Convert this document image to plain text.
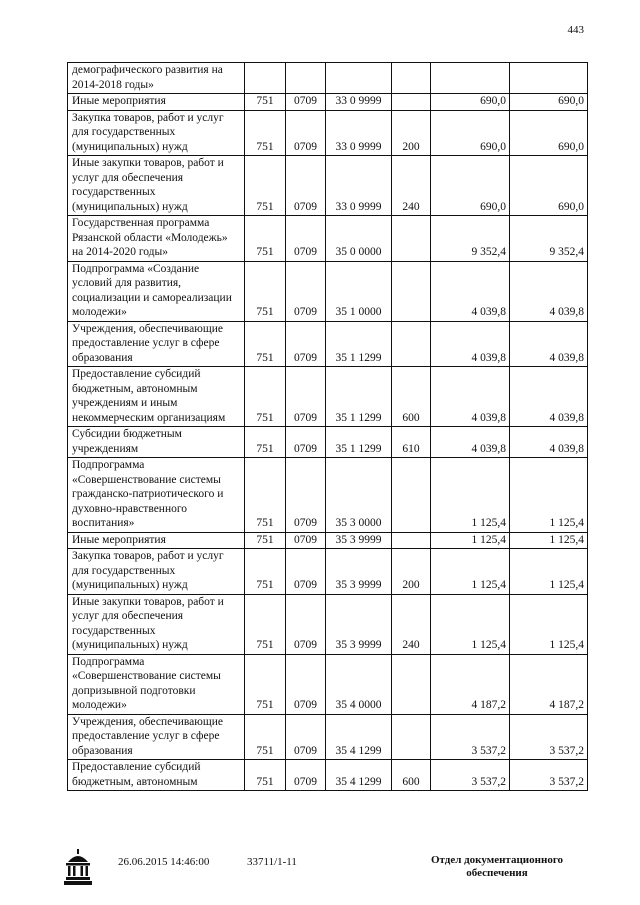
443
демографического развития на 2014-2018 годы»						
Иные мероприятия	751	0709	33 0 9999		690,0	690,0
Закупка товаров, работ и услуг для государственных (муниципальных) нужд	751	0709	33 0 9999	200	690,0	690,0
Иные закупки товаров, работ и услуг для обеспечения государственных (муниципальных) нужд	751	0709	33 0 9999	240	690,0	690,0
Государственная программа Рязанской области «Молодежь» на 2014-2020 годы»	751	0709	35 0 0000		9 352,4	9 352,4
Подпрограмма «Создание условий для развития, социализации и самореализации молодежи»	751	0709	35 1 0000		4 039,8	4 039,8
Учреждения, обеспечивающие предоставление услуг в сфере образования	751	0709	35 1 1299		4 039,8	4 039,8
Предоставление субсидий бюджетным, автономным учреждениям и иным некоммерческим организациям	751	0709	35 1 1299	600	4 039,8	4 039,8
Субсидии бюджетным учреждениям	751	0709	35 1 1299	610	4 039,8	4 039,8
Подпрограмма «Совершенствование системы гражданско-патриотического и духовно-нравственного воспитания»	751	0709	35 3 0000		1 125,4	1 125,4
Иные мероприятия	751	0709	35 3 9999		1 125,4	1 125,4
Закупка товаров, работ и услуг для государственных (муниципальных) нужд	751	0709	35 3 9999	200	1 125,4	1 125,4
Иные закупки товаров, работ и услуг для обеспечения государственных (муниципальных) нужд	751	0709	35 3 9999	240	1 125,4	1 125,4
Подпрограмма «Совершенствование системы допризывной подготовки молодежи»	751	0709	35 4 0000		4 187,2	4 187,2
Учреждения, обеспечивающие предоставление услуг в сфере образования	751	0709	35 4 1299		3 537,2	3 537,2
Предоставление субсидий бюджетным, автономным	751	0709	35 4 1299	600	3 537,2	3 537,2
26.06.2015 14:46:00	33711/1-11	Отдел документационного обеспечения
